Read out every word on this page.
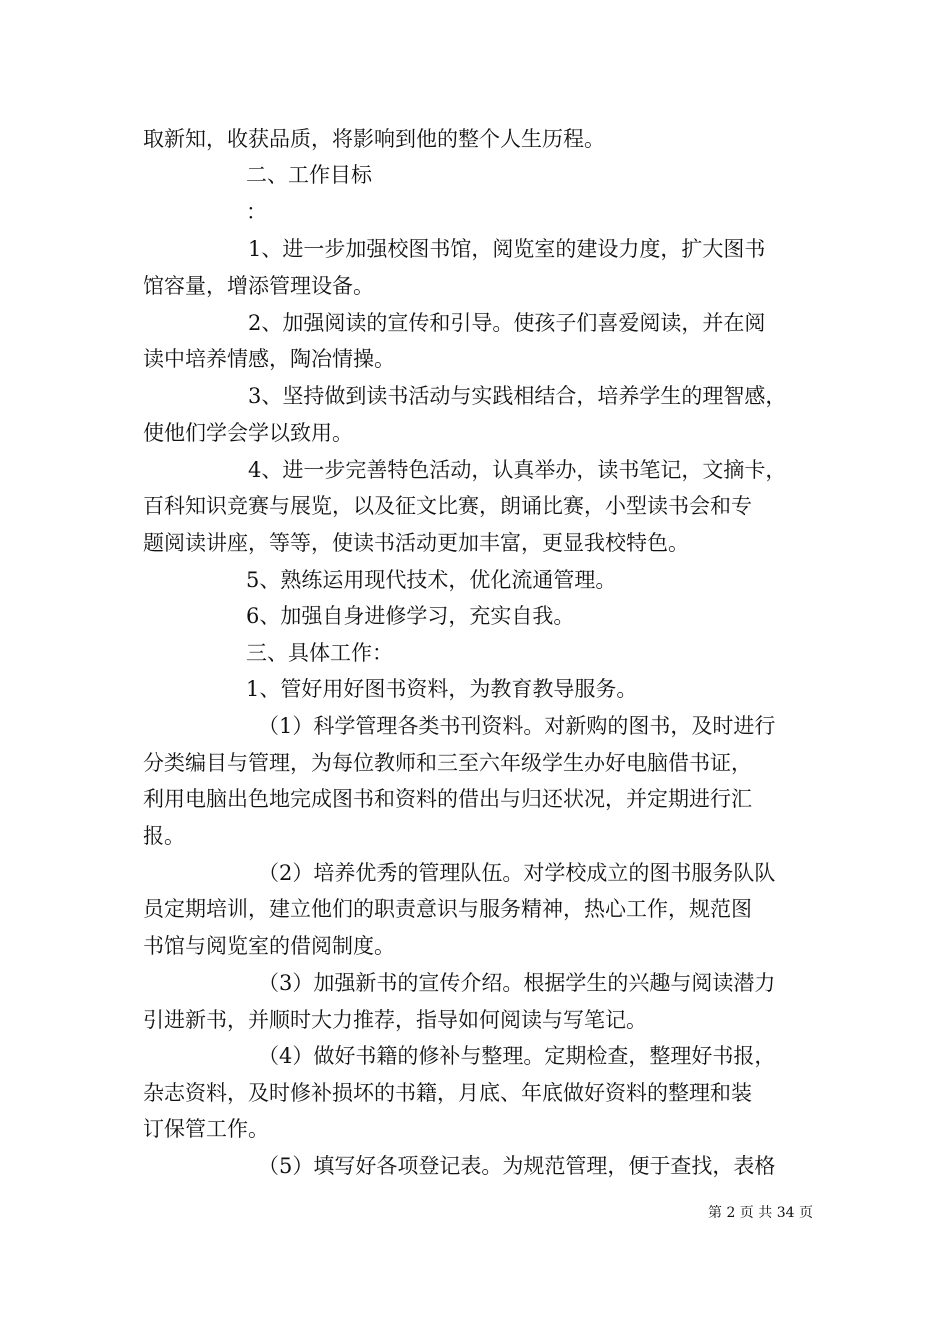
取新知，收获品质，将影响到他的整个人生历程。
二、工作目标
：
1、进一步加强校图书馆，阅览室的建设力度，扩大图书
馆容量，增添管理设备。
2、加强阅读的宣传和引导。使孩子们喜爱阅读，并在阅
读中培养情感，陶冶情操。
3、坚持做到读书活动与实践相结合，培养学生的理智感，
使他们学会学以致用。
4、进一步完善特色活动，认真举办，读书笔记，文摘卡，
百科知识竞赛与展览，以及征文比赛，朗诵比赛，小型读书会和专
题阅读讲座，等等，使读书活动更加丰富，更显我校特色。
5、熟练运用现代技术，优化流通管理。
6、加强自身进修学习，充实自我。
三、具体工作：
1、管好用好图书资料，为教育教导服务。
（1）科学管理各类书刊资料。对新购的图书，及时进行
分类编目与管理，为每位教师和三至六年级学生办好电脑借书证，
利用电脑出色地完成图书和资料的借出与归还状况，并定期进行汇
报。
（2）培养优秀的管理队伍。对学校成立的图书服务队队
员定期培训，建立他们的职责意识与服务精神，热心工作，规范图
书馆与阅览室的借阅制度。
（3）加强新书的宣传介绍。根据学生的兴趣与阅读潜力
引进新书，并顺时大力推荐，指导如何阅读与写笔记。
（4）做好书籍的修补与整理。定期检查，整理好书报，
杂志资料，及时修补损坏的书籍，月底、年底做好资料的整理和装
订保管工作。
（5）填写好各项登记表。为规范管理，便于查找，表格
第 2 页 共 34 页
